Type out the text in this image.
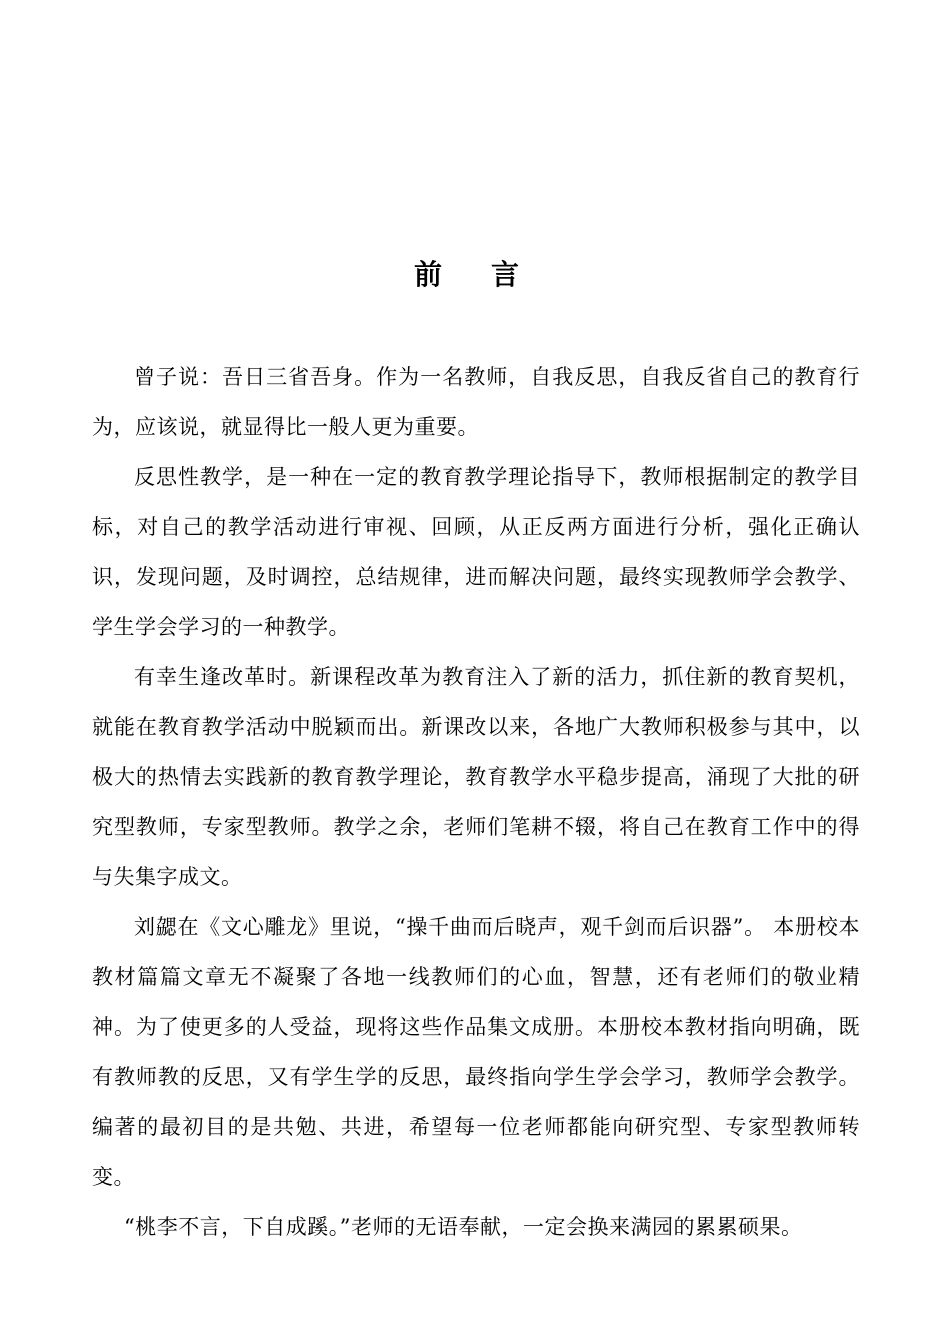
前    言

曾子说：吾日三省吾身。作为一名教师，自我反思，自我反省自己的教育行为，应该说，就显得比一般人更为重要。

反思性教学，是一种在一定的教育教学理论指导下，教师根据制定的教学目标，对自己的教学活动进行审视、回顾，从正反两方面进行分析，强化正确认识，发现问题，及时调控，总结规律，进而解决问题，最终实现教师学会教学、学生学会学习的一种教学。

有幸生逢改革时。新课程改革为教育注入了新的活力，抓住新的教育契机，就能在教育教学活动中脱颖而出。新课改以来，各地广大教师积极参与其中，以极大的热情去实践新的教育教学理论，教育教学水平稳步提高，涌现了大批的研究型教师，专家型教师。教学之余，老师们笔耕不辍，将自己在教育工作中的得与失集字成文。

刘勰在《文心雕龙》里说，“操千曲而后晓声，观千剑而后识器”。 本册校本教材篇篇文章无不凝聚了各地一线教师们的心血，智慧，还有老师们的敬业精神。为了使更多的人受益，现将这些作品集文成册。本册校本教材指向明确，既有教师教的反思，又有学生学的反思，最终指向学生学会学习，教师学会教学。编著的最初目的是共勉、共进，希望每一位老师都能向研究型、专家型教师转变。

“桃李不言，下自成蹊。”老师的无语奉献，一定会换来满园的累累硕果。
